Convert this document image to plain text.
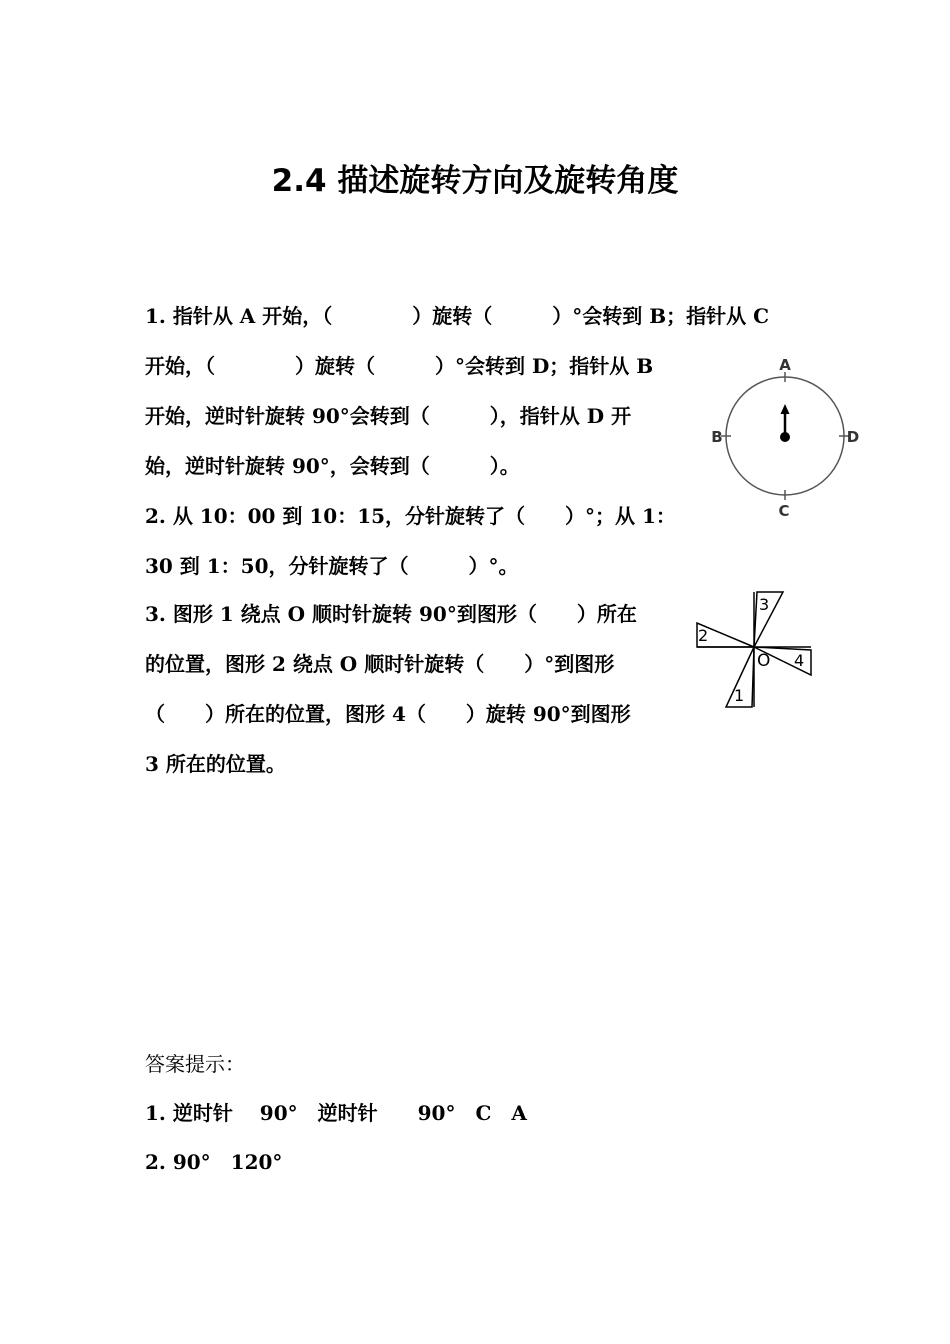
2.4 描述旋转方向及旋转角度
1. 指针从 A 开始，（　　　　）旋转（　　　）°会转到 B；指针从 C
开始，（　　　　）旋转（　　　）°会转到 D；指针从 B
开始，逆时针旋转 90°会转到（　　　），指针从 D 开
始，逆时针旋转 90°，会转到（　　　）。
2. 从 10：00 到 10：15，分针旋转了（　　）°；从 1：
30 到 1：50，分针旋转了（　　　）°。
3. 图形 1 绕点 O 顺时针旋转 90°到图形（　　）所在
的位置，图形 2 绕点 O 顺时针旋转（　　）°到图形
（　　）所在的位置，图形 4（　　）旋转 90°到图形
3 所在的位置。
答案提示：
1. 逆时针　 90°　逆时针　　90°　C　A
2. 90°　120°
A
B	D
C
1
2
3
4
O
